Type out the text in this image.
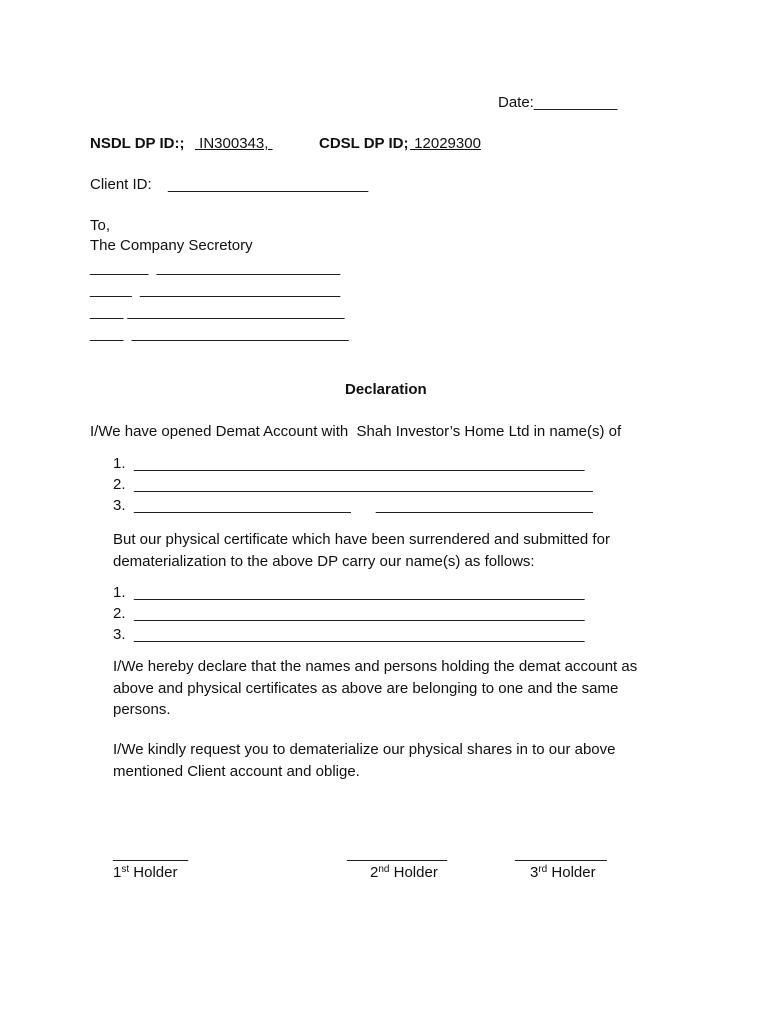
Date:__________
NSDL DP ID:; IN300343,	CDSL DP ID; 12029300
Client ID: ________________________
To,
The Company Secretory
_______  ______________________
_____  ________________________
____ __________________________
____  __________________________
Declaration
I/We have opened Demat Account with  Shah Investor’s Home Ltd in name(s) of
1. ______________________________________________________
2. _______________________________________________________
3. __________________________      __________________________
But our physical certificate which have been surrendered and submitted for dematerialization to the above DP carry our name(s) as follows:
1. ______________________________________________________
2. ______________________________________________________
3. ______________________________________________________
I/We hereby declare that the names and persons holding the demat account as above and physical certificates as above are belonging to one and the same persons.
I/We kindly request you to dematerialize our physical shares in to our above mentioned Client account and oblige.
_________
1st Holder
____________
2nd Holder
___________
3rd Holder
